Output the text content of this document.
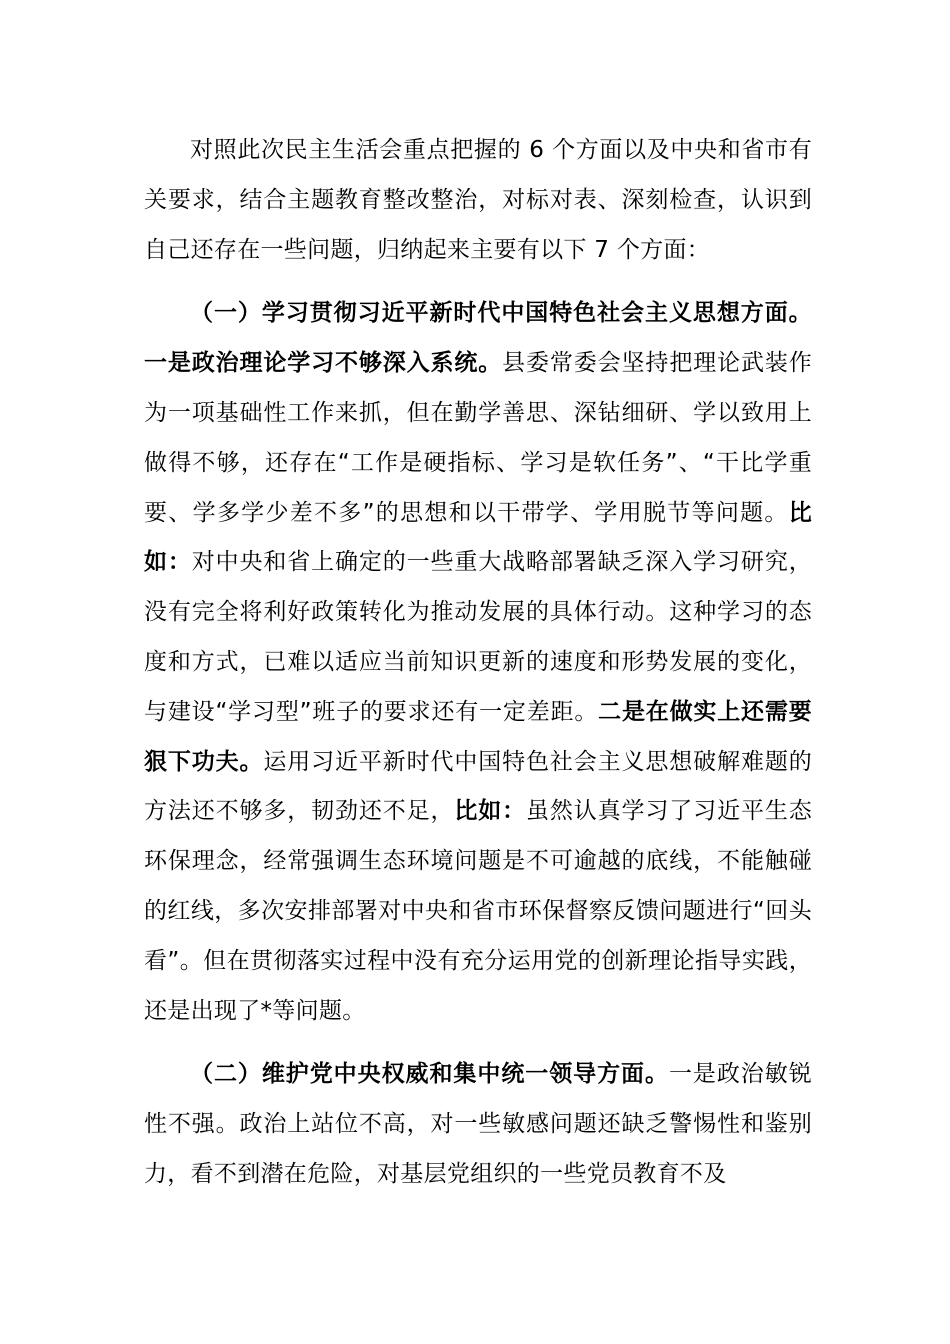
对照此次民主生活会重点把握的 6 个方面以及中央和省市有关要求，结合主题教育整改整治，对标对表、深刻检查，认识到自己还存在一些问题，归纳起来主要有以下 7 个方面：

（一）学习贯彻习近平新时代中国特色社会主义思想方面。一是政治理论学习不够深入系统。县委常委会坚持把理论武装作为一项基础性工作来抓，但在勤学善思、深钻细研、学以致用上做得不够，还存在“工作是硬指标、学习是软任务”、“干比学重要、学多学少差不多”的思想和以干带学、学用脱节等问题。比如：对中央和省上确定的一些重大战略部署缺乏深入学习研究，没有完全将利好政策转化为推动发展的具体行动。这种学习的态度和方式，已难以适应当前知识更新的速度和形势发展的变化，与建设“学习型”班子的要求还有一定差距。二是在做实上还需要狠下功夫。运用习近平新时代中国特色社会主义思想破解难题的方法还不够多，韧劲还不足，比如：虽然认真学习了习近平生态环保理念，经常强调生态环境问题是不可逾越的底线，不能触碰的红线，多次安排部署对中央和省市环保督察反馈问题进行“回头看”。但在贯彻落实过程中没有充分运用党的创新理论指导实践，还是出现了*等问题。

（二）维护党中央权威和集中统一领导方面。一是政治敏锐性不强。政治上站位不高，对一些敏感问题还缺乏警惕性和鉴别力，看不到潜在危险，对基层党组织的一些党员教育不及
